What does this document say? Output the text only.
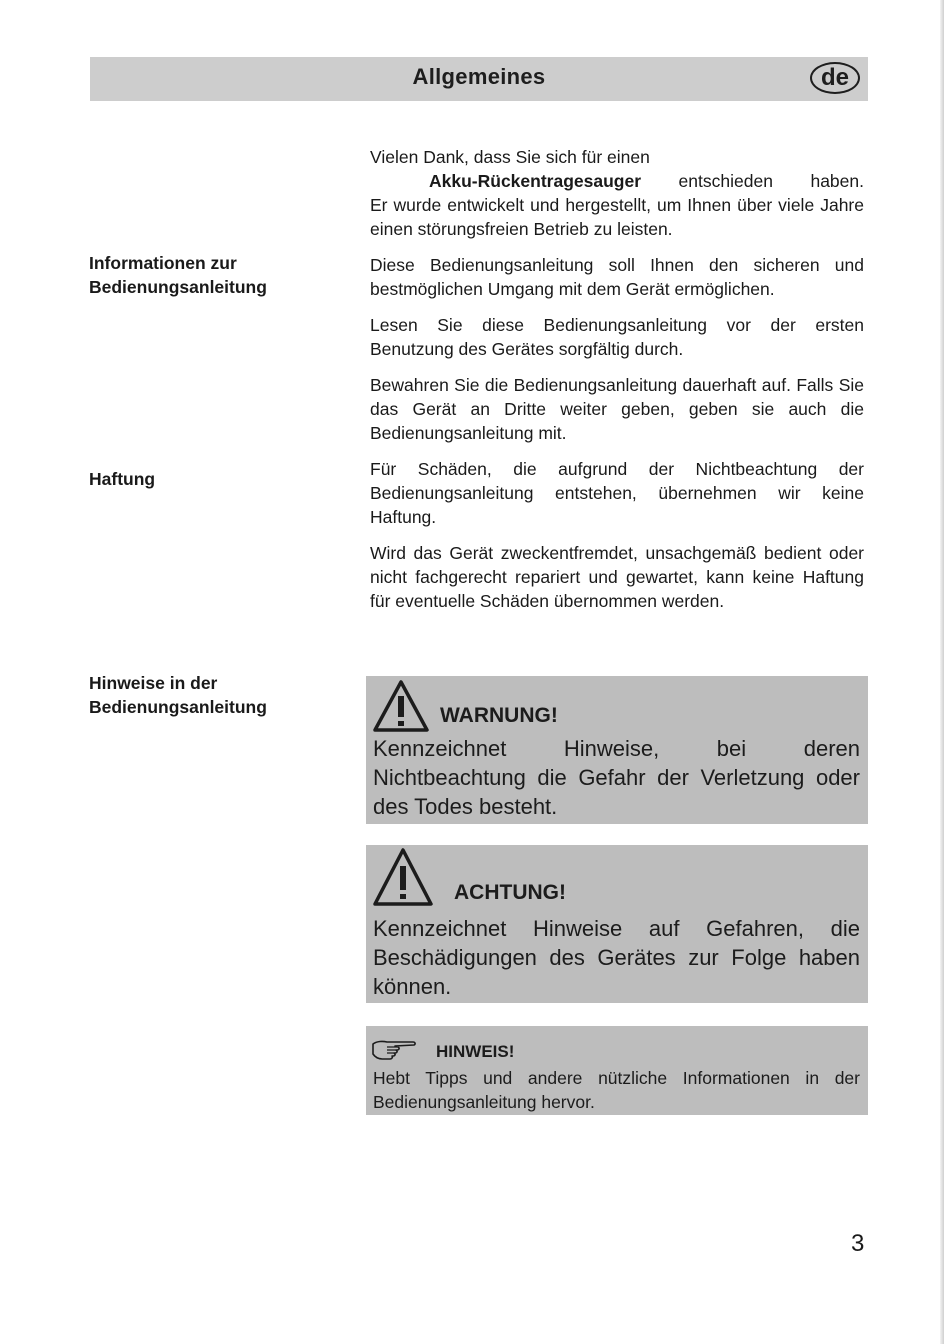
Allgemeines	de
Vielen Dank, dass Sie sich für einen
Akku-Rückentragesauger entschieden haben.
Er wurde entwickelt und hergestellt, um Ihnen über viele Jahre einen störungsfreien Betrieb zu leisten.
Informationen zur Bedienungsanleitung
Diese Bedienungsanleitung soll Ihnen den sicheren und bestmöglichen Umgang mit dem Gerät ermöglichen.
Lesen Sie diese Bedienungsanleitung vor der ersten Benutzung des Gerätes sorgfältig durch.
Bewahren Sie die Bedienungsanleitung dauerhaft auf. Falls Sie das Gerät an Dritte weiter geben, geben sie auch die Bedienungsanleitung mit.
Haftung	Für Schäden, die aufgrund der Nichtbeachtung der Bedienungsanleitung entstehen, übernehmen wir keine Haftung.
Wird das Gerät zweckentfremdet, unsachgemäß bedient oder nicht fachgerecht repariert und gewartet, kann keine Haftung für eventuelle Schäden übernommen werden.
Hinweise in der Bedienungsanleitung	WARNUNG!
Kennzeichnet Hinweise, bei deren Nichtbeachtung die Gefahr der Verletzung oder des Todes besteht.
ACHTUNG!
Kennzeichnet Hinweise auf Gefahren, die Beschädigungen des Gerätes zur Folge haben können.
HINWEIS!
Hebt Tipps und andere nützliche Informationen in der Bedienungsanleitung hervor.
3
